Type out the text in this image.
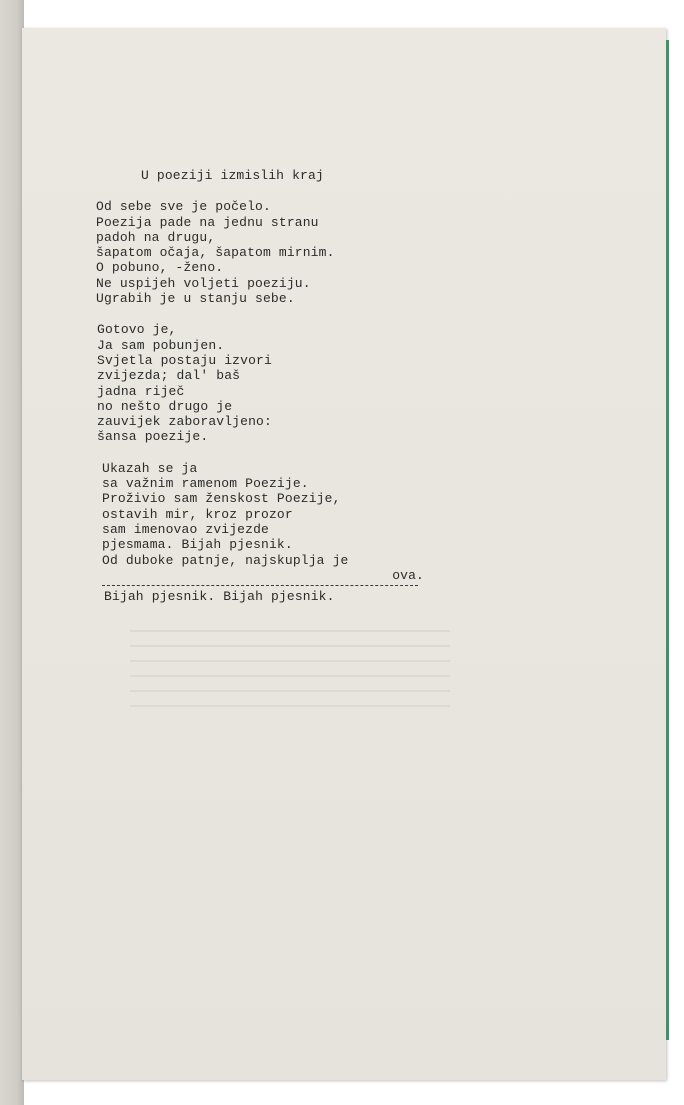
U poeziji izmislih kraj
Od sebe sve je počelo.
Poezija pade na jednu stranu
padoh na drugu,
šapatom očaja, šapatom mirnim.
O pobuno, -ženo.
Ne uspijeh voljeti poeziju.
Ugrabih je u stanju sebe.
Gotovo je,
Ja sam pobunjen.
Svjetla postaju izvori
zvijezda; dal' baš
jadna riječ
no nešto drugo je
zauvijek zaboravljeno:
šansa poezije.
Ukazah se ja
sa važnim ramenom Poezije.
Proživio sam ženskost Poezije,
ostavih mir, kroz prozor
sam imenovao zvijezde
pjesmama. Bijah pjesnik.
Od duboke patnje, najskuplja je
ova.
Bijah pjesnik. Bijah pjesnik.
